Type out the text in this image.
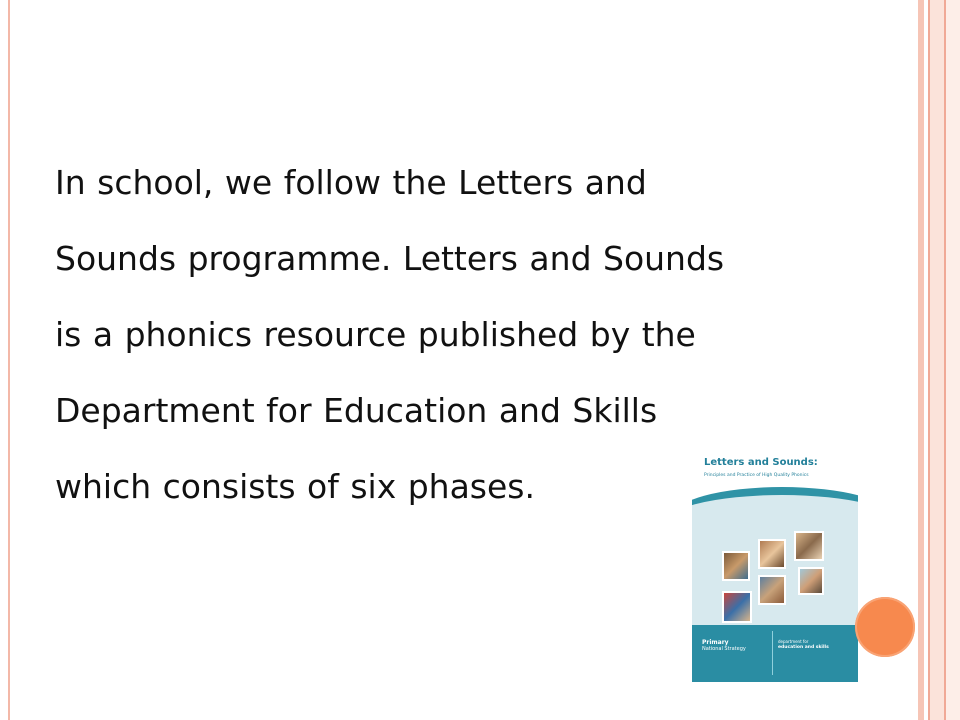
In school, we follow the Letters and
Sounds programme. Letters and Sounds
is a phonics resource published by the
Department for Education and Skills
which consists of six phases.
Letters and Sounds:
Principles and Practice of High Quality Phonics
Primary
National Strategy
department for
education and skills
